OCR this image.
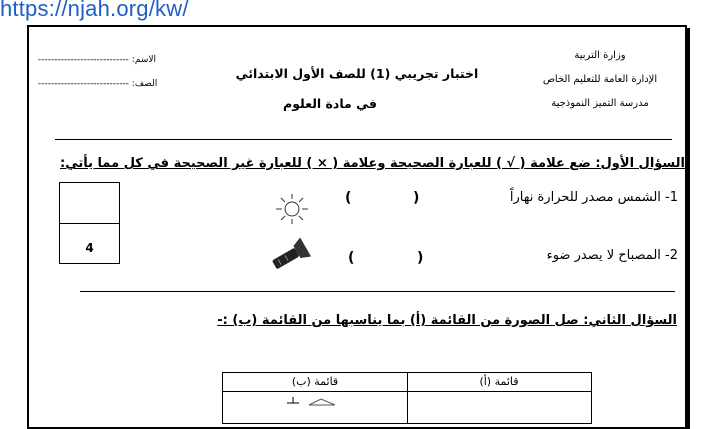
https://njah.org/kw/
وزارة التربية
الإدارة العامة للتعليم الخاص
مدرسة التميز النموذجية
اختبار تجريبي (1) للصف الأول الابتدائي
في مادة العلوم
الاسم: ----------------------------
الصف: ----------------------------
السؤال الأول: ضع علامة ( √ ) للعبارة الصحيحة وعلامة ( × ) للعبارة غير الصحيحة في كل مما يأتي:
4
1- الشمس مصدر للحرارة نهاراً
)
(
2- المصباح لا يصدر ضوء
)
(
السؤال الثاني: صل الصورة من القائمة (أ) بما يناسبها من القائمة (ب) :-
قائمة (أ)
قائمة (ب)
